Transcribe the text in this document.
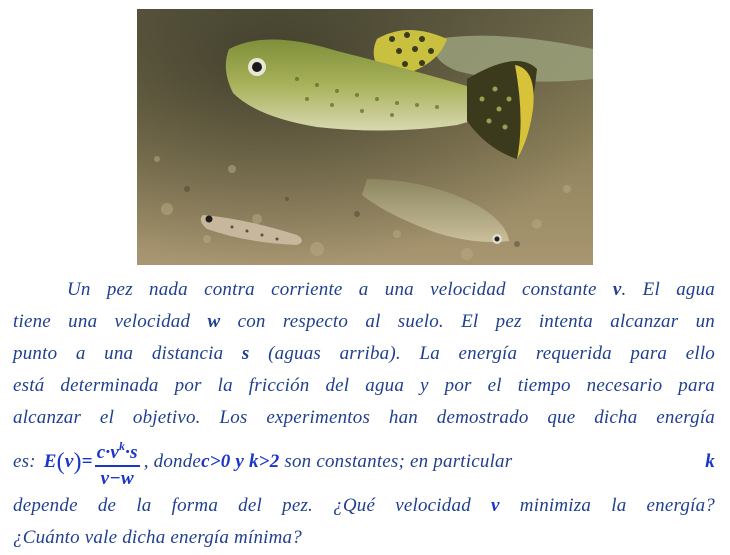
Un pez nada contra corriente a una velocidad constante v. El agua
tiene una velocidad w con respecto al suelo. El pez intenta alcanzar un
punto a una distancia s (aguas arriba). La energía requerida para ello
está determinada por la fricción del agua y por el tiempo necesario para
alcanzar el objetivo. Los experimentos han demostrado que dicha energía
es: E ( v ) = $\frac{c\cdot v^k\cdot s}{v-w}$ , donde c>0 y k>2 son constantes; en particular	k
depende de la forma del pez. ¿Qué velocidad v minimiza la energía?
¿Cuánto vale dicha energía mínima?
